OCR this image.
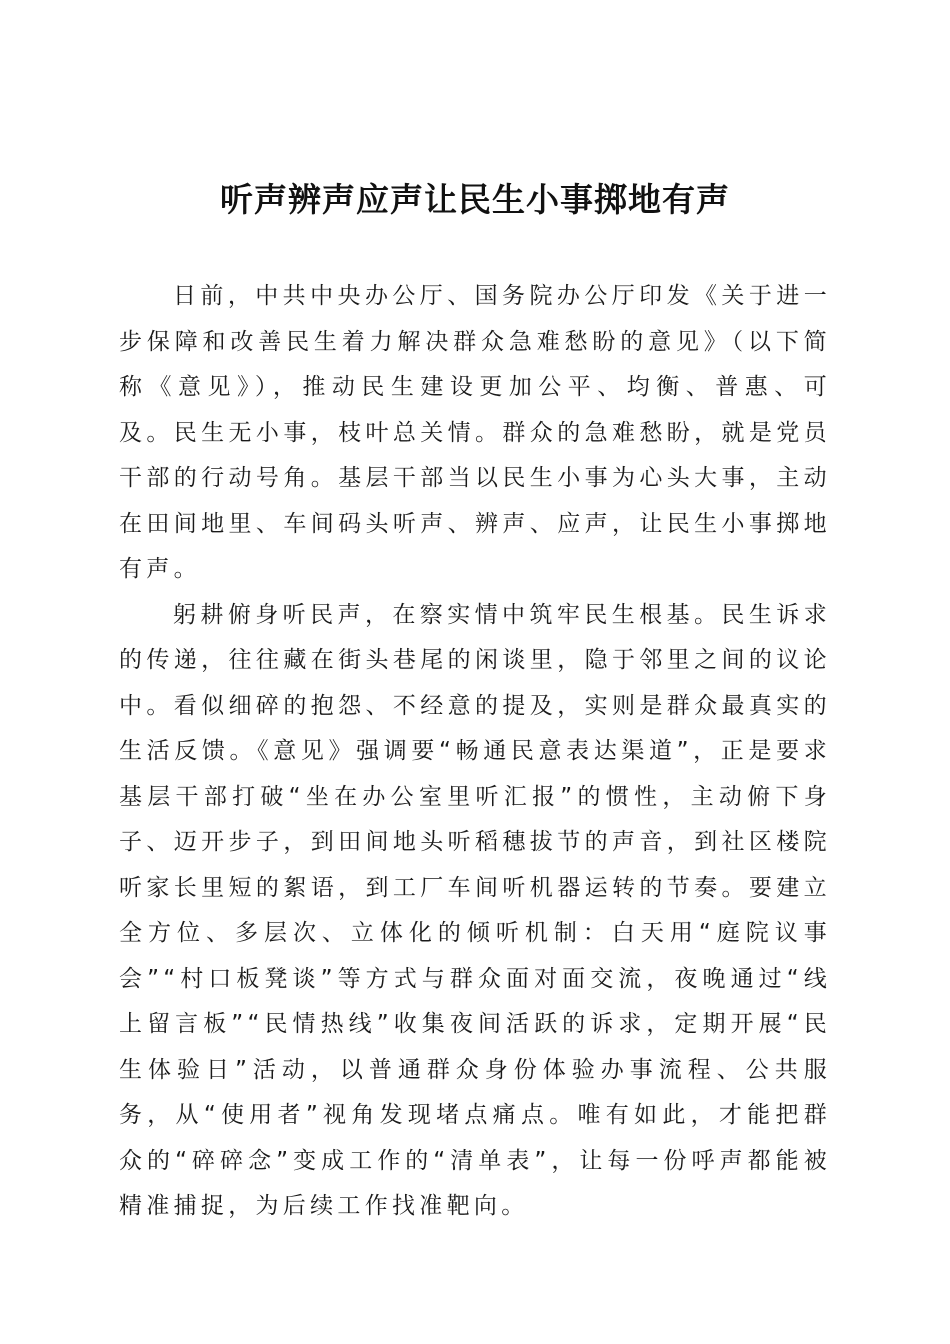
听声辨声应声让民生小事掷地有声

日前，中共中央办公厅、国务院办公厅印发《关于进一步保障和改善民生着力解决群众急难愁盼的意见》（以下简称《意见》），推动民生建设更加公平、均衡、普惠、可及。民生无小事，枝叶总关情。群众的急难愁盼，就是党员干部的行动号角。基层干部当以民生小事为心头大事，主动在田间地里、车间码头听声、辨声、应声，让民生小事掷地有声。

躬耕俯身听民声，在察实情中筑牢民生根基。民生诉求的传递，往往藏在街头巷尾的闲谈里，隐于邻里之间的议论中。看似细碎的抱怨、不经意的提及，实则是群众最真实的生活反馈。《意见》强调要“畅通民意表达渠道”，正是要求基层干部打破“坐在办公室里听汇报”的惯性，主动俯下身子、迈开步子，到田间地头听稻穗拔节的声音，到社区楼院听家长里短的絮语，到工厂车间听机器运转的节奏。要建立全方位、多层次、立体化的倾听机制：白天用“庭院议事会”“村口板凳谈”等方式与群众面对面交流，夜晚通过“线上留言板”“民情热线”收集夜间活跃的诉求，定期开展“民生体验日”活动，以普通群众身份体验办事流程、公共服务，从“使用者”视角发现堵点痛点。唯有如此，才能把群众的“碎碎念”变成工作的“清单表”，让每一份呼声都能被精准捕捉，为后续工作找准靶向。
